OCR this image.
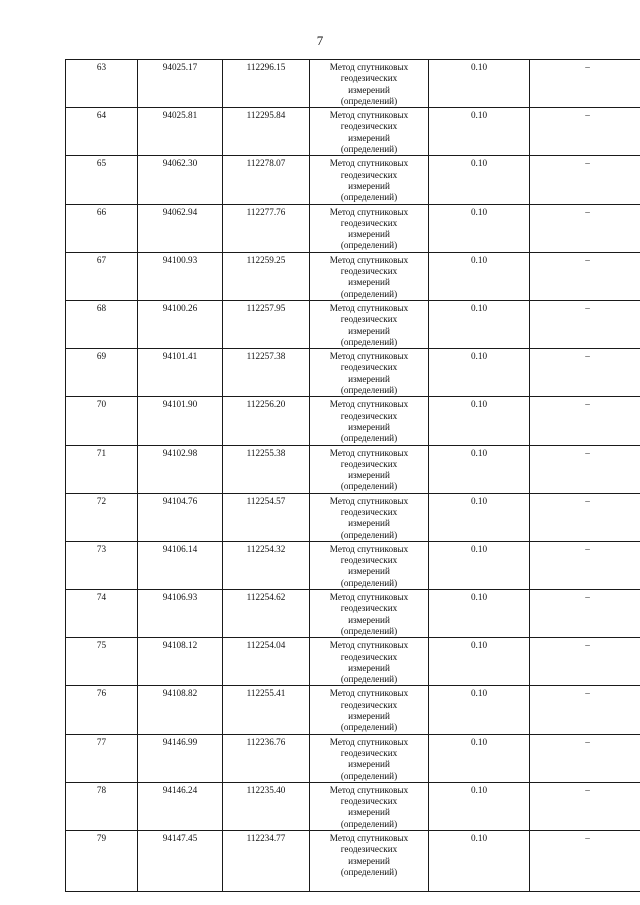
7
63	94025.17	112296.15	Метод спутниковых
геодезических
измерений
(определений)	0.10	–
64	94025.81	112295.84	Метод спутниковых
геодезических
измерений
(определений)	0.10	–
65	94062.30	112278.07	Метод спутниковых
геодезических
измерений
(определений)	0.10	–
66	94062.94	112277.76	Метод спутниковых
геодезических
измерений
(определений)	0.10	–
67	94100.93	112259.25	Метод спутниковых
геодезических
измерений
(определений)	0.10	–
68	94100.26	112257.95	Метод спутниковых
геодезических
измерений
(определений)	0.10	–
69	94101.41	112257.38	Метод спутниковых
геодезических
измерений
(определений)	0.10	–
70	94101.90	112256.20	Метод спутниковых
геодезических
измерений
(определений)	0.10	–
71	94102.98	112255.38	Метод спутниковых
геодезических
измерений
(определений)	0.10	–
72	94104.76	112254.57	Метод спутниковых
геодезических
измерений
(определений)	0.10	–
73	94106.14	112254.32	Метод спутниковых
геодезических
измерений
(определений)	0.10	–
74	94106.93	112254.62	Метод спутниковых
геодезических
измерений
(определений)	0.10	–
75	94108.12	112254.04	Метод спутниковых
геодезических
измерений
(определений)	0.10	–
76	94108.82	112255.41	Метод спутниковых
геодезических
измерений
(определений)	0.10	–
77	94146.99	112236.76	Метод спутниковых
геодезических
измерений
(определений)	0.10	–
78	94146.24	112235.40	Метод спутниковых
геодезических
измерений
(определений)	0.10	–
79	94147.45	112234.77	Метод спутниковых
геодезических
измерений
(определений)	0.10	–
